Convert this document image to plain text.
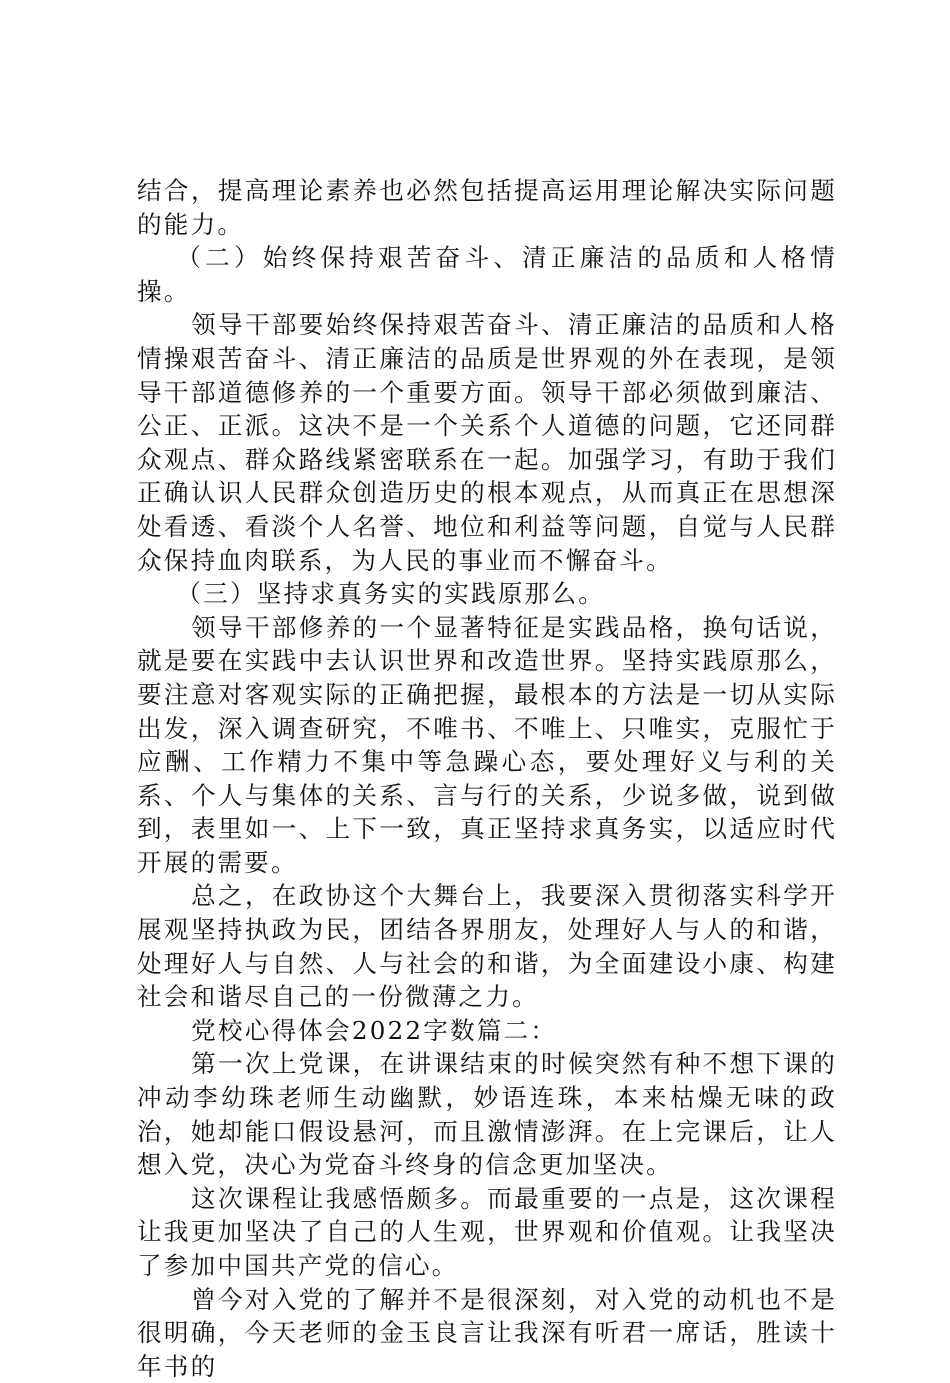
结合，提高理论素养也必然包括提高运用理论解决实际问题的能力。

（二）始终保持艰苦奋斗、清正廉洁的品质和人格情操。

领导干部要始终保持艰苦奋斗、清正廉洁的品质和人格情操艰苦奋斗、清正廉洁的品质是世界观的外在表现，是领导干部道德修养的一个重要方面。领导干部必须做到廉洁、公正、正派。这决不是一个关系个人道德的问题，它还同群众观点、群众路线紧密联系在一起。加强学习，有助于我们正确认识人民群众创造历史的根本观点，从而真正在思想深处看透、看淡个人名誉、地位和利益等问题，自觉与人民群众保持血肉联系，为人民的事业而不懈奋斗。

（三）坚持求真务实的实践原那么。

领导干部修养的一个显著特征是实践品格，换句话说，就是要在实践中去认识世界和改造世界。坚持实践原那么，要注意对客观实际的正确把握，最根本的方法是一切从实际出发，深入调查研究，不唯书、不唯上、只唯实，克服忙于应酬、工作精力不集中等急躁心态，要处理好义与利的关系、个人与集体的关系、言与行的关系，少说多做，说到做到，表里如一、上下一致，真正坚持求真务实，以适应时代开展的需要。

总之，在政协这个大舞台上，我要深入贯彻落实科学开展观坚持执政为民，团结各界朋友，处理好人与人的和谐，处理好人与自然、人与社会的和谐，为全面建设小康、构建社会和谐尽自己的一份微薄之力。

党校心得体会2022字数篇二：

第一次上党课，在讲课结束的时候突然有种不想下课的冲动李幼珠老师生动幽默，妙语连珠，本来枯燥无味的政治，她却能口假设悬河，而且激情澎湃。在上完课后，让人想入党，决心为党奋斗终身的信念更加坚决。

这次课程让我感悟颇多。而最重要的一点是，这次课程让我更加坚决了自己的人生观，世界观和价值观。让我坚决了参加中国共产党的信心。

曾今对入党的了解并不是很深刻，对入党的动机也不是很明确，今天老师的金玉良言让我深有听君一席话，胜读十年书的
